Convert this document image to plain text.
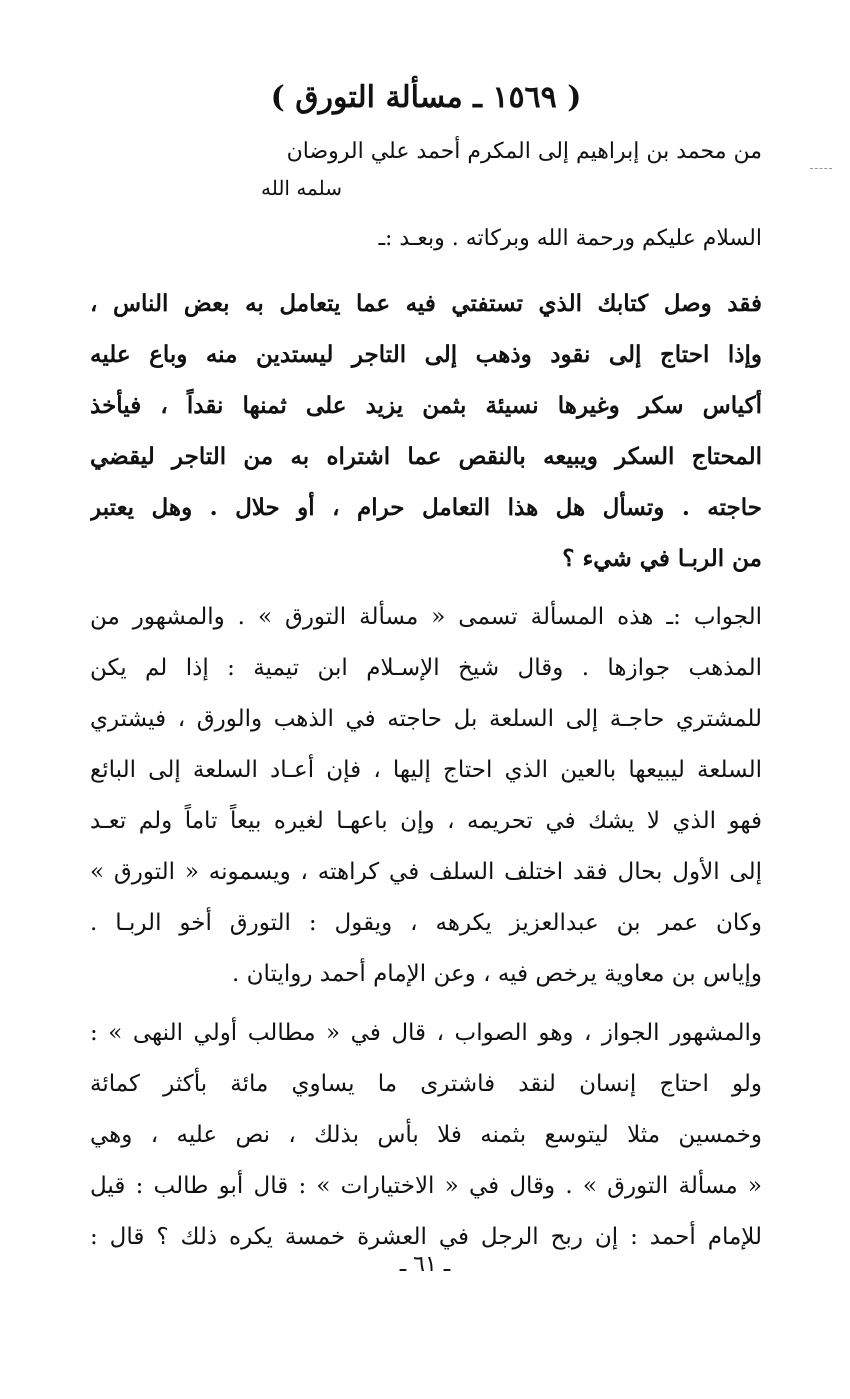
( ١٥٦٩ ـ مسألة التورق )
من محمد بن إبراهيم إلى المكرم أحمد علي الروضان
سلمه الله
السلام عليكم ورحمة الله وبركاته . وبعـد :ـ
فقد وصل كتابك الذي تستفتي فيه عما يتعامل به بعض الناس ،
وإذا احتاج إلى نقود وذهب إلى التاجر ليستدين منه وباع عليه
أكياس سكر وغيرها نسيئة بثمن يزيد على ثمنها نقداً ، فيأخذ
المحتاج السكر ويبيعه بالنقص عما اشتراه به من التاجر ليقضي
حاجته . وتسأل هل هذا التعامل حرام ، أو حلال . وهل يعتبر
من الربـا في شيء ؟
الجواب :ـ هذه المسألة تسمى « مسألة التورق » . والمشهور من
المذهب جوازها . وقال شيخ الإسـلام ابن تيمية : إذا لم يكن
للمشتري حاجـة إلى السلعة بل حاجته في الذهب والورق ، فيشتري
السلعة ليبيعها بالعين الذي احتاج إليها ، فإن أعـاد السلعة إلى البائع
فهو الذي لا يشك في تحريمه ، وإن باعهـا لغيره بيعاً تاماً ولم تعـد
إلى الأول بحال فقد اختلف السلف في كراهته ، ويسمونه « التورق »
وكان عمر بن عبدالعزيز يكرهه ، ويقول : التورق أخو الربـا .
وإياس بن معاوية يرخص فيه ، وعن الإمام أحمد روايتان .
والمشهور الجواز ، وهو الصواب ، قال في « مطالب أولي النهى » :
ولو احتاج إنسان لنقد فاشترى ما يساوي مائة بأكثر كمائة
وخمسين مثلا ليتوسع بثمنه فلا بأس بذلك ، نص عليه ، وهي
« مسألة التورق » . وقال في « الاختيارات » : قال أبو طالب : قيل
للإمام أحمد : إن ربح الرجل في العشرة خمسة يكره ذلك ؟ قال :
ـ ٦١ ـ
